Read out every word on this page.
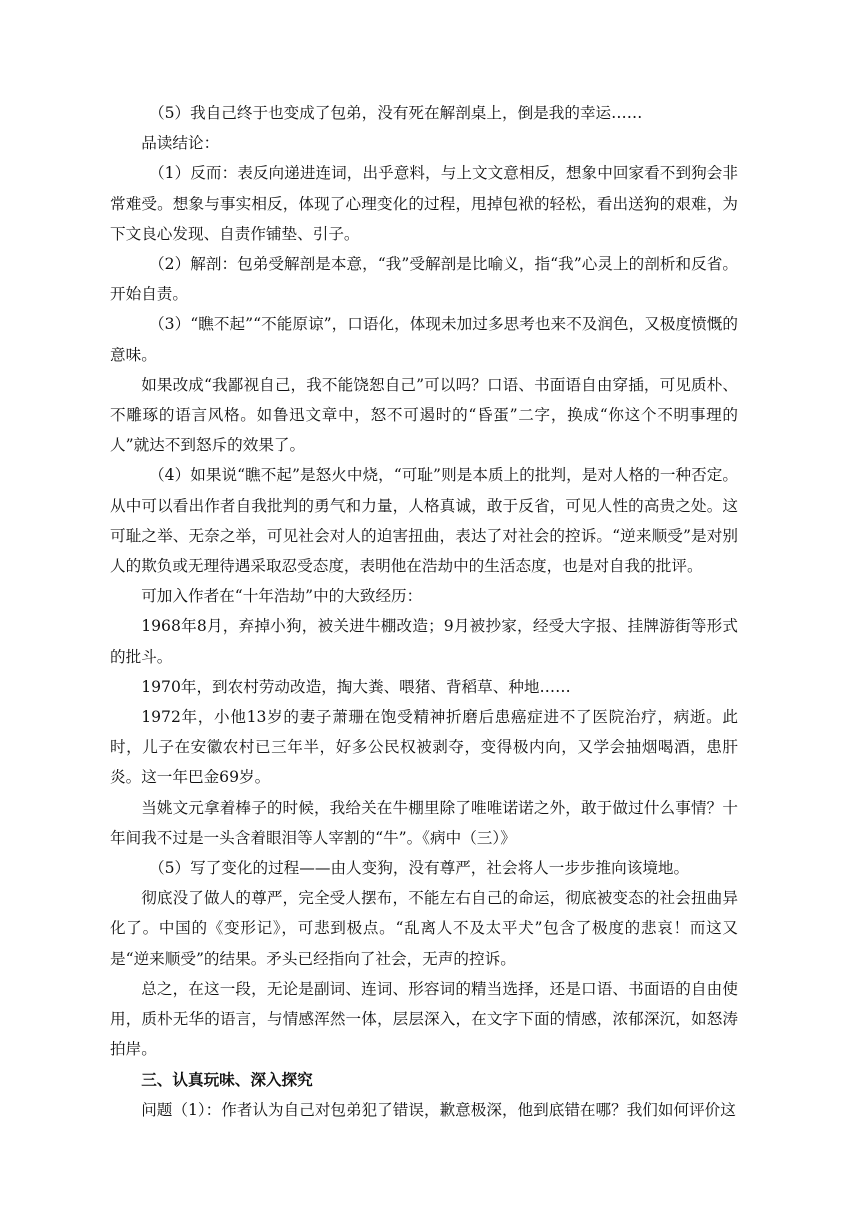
（5）我自己终于也变成了包弟，没有死在解剖桌上，倒是我的幸运……

品读结论：

（1）反而：表反向递进连词，出乎意料，与上文文意相反，想象中回家看不到狗会非常难受。想象与事实相反，体现了心理变化的过程，甩掉包袱的轻松，看出送狗的艰难，为下文良心发现、自责作铺垫、引子。

（2）解剖：包弟受解剖是本意，“我”受解剖是比喻义，指“我”心灵上的剖析和反省。开始自责。

（3）“瞧不起”“不能原谅”，口语化，体现未加过多思考也来不及润色，又极度愤慨的意味。

如果改成“我鄙视自己，我不能饶恕自己”可以吗？口语、书面语自由穿插，可见质朴、不雕琢的语言风格。如鲁迅文章中，怒不可遏时的“昏蛋”二字，换成“你这个不明事理的人”就达不到怒斥的效果了。

（4）如果说“瞧不起”是怒火中烧，“可耻”则是本质上的批判，是对人格的一种否定。从中可以看出作者自我批判的勇气和力量，人格真诚，敢于反省，可见人性的高贵之处。这可耻之举、无奈之举，可见社会对人的迫害扭曲，表达了对社会的控诉。“逆来顺受”是对别人的欺负或无理待遇采取忍受态度，表明他在浩劫中的生活态度，也是对自我的批评。

可加入作者在“十年浩劫”中的大致经历：

1968年8月，弃掉小狗，被关进牛棚改造；9月被抄家，经受大字报、挂牌游街等形式的批斗。

1970年，到农村劳动改造，掏大粪、喂猪、背稻草、种地……

1972年，小他13岁的妻子萧珊在饱受精神折磨后患癌症进不了医院治疗，病逝。此时，儿子在安徽农村已三年半，好多公民权被剥夺，变得极内向，又学会抽烟喝酒，患肝炎。这一年巴金69岁。

当姚文元拿着棒子的时候，我给关在牛棚里除了唯唯诺诺之外，敢于做过什么事情？十年间我不过是一头含着眼泪等人宰割的“牛”。《病中（三）》

（5）写了变化的过程——由人变狗，没有尊严，社会将人一步步推向该境地。

彻底没了做人的尊严，完全受人摆布，不能左右自己的命运，彻底被变态的社会扭曲异化了。中国的《变形记》，可悲到极点。“乱离人不及太平犬”包含了极度的悲哀！而这又是“逆来顺受”的结果。矛头已经指向了社会，无声的控诉。

总之，在这一段，无论是副词、连词、形容词的精当选择，还是口语、书面语的自由使用，质朴无华的语言，与情感浑然一体，层层深入，在文字下面的情感，浓郁深沉，如怒涛拍岸。

三、认真玩味、深入探究

问题（1）：作者认为自己对包弟犯了错误，歉意极深，他到底错在哪？我们如何评价这
